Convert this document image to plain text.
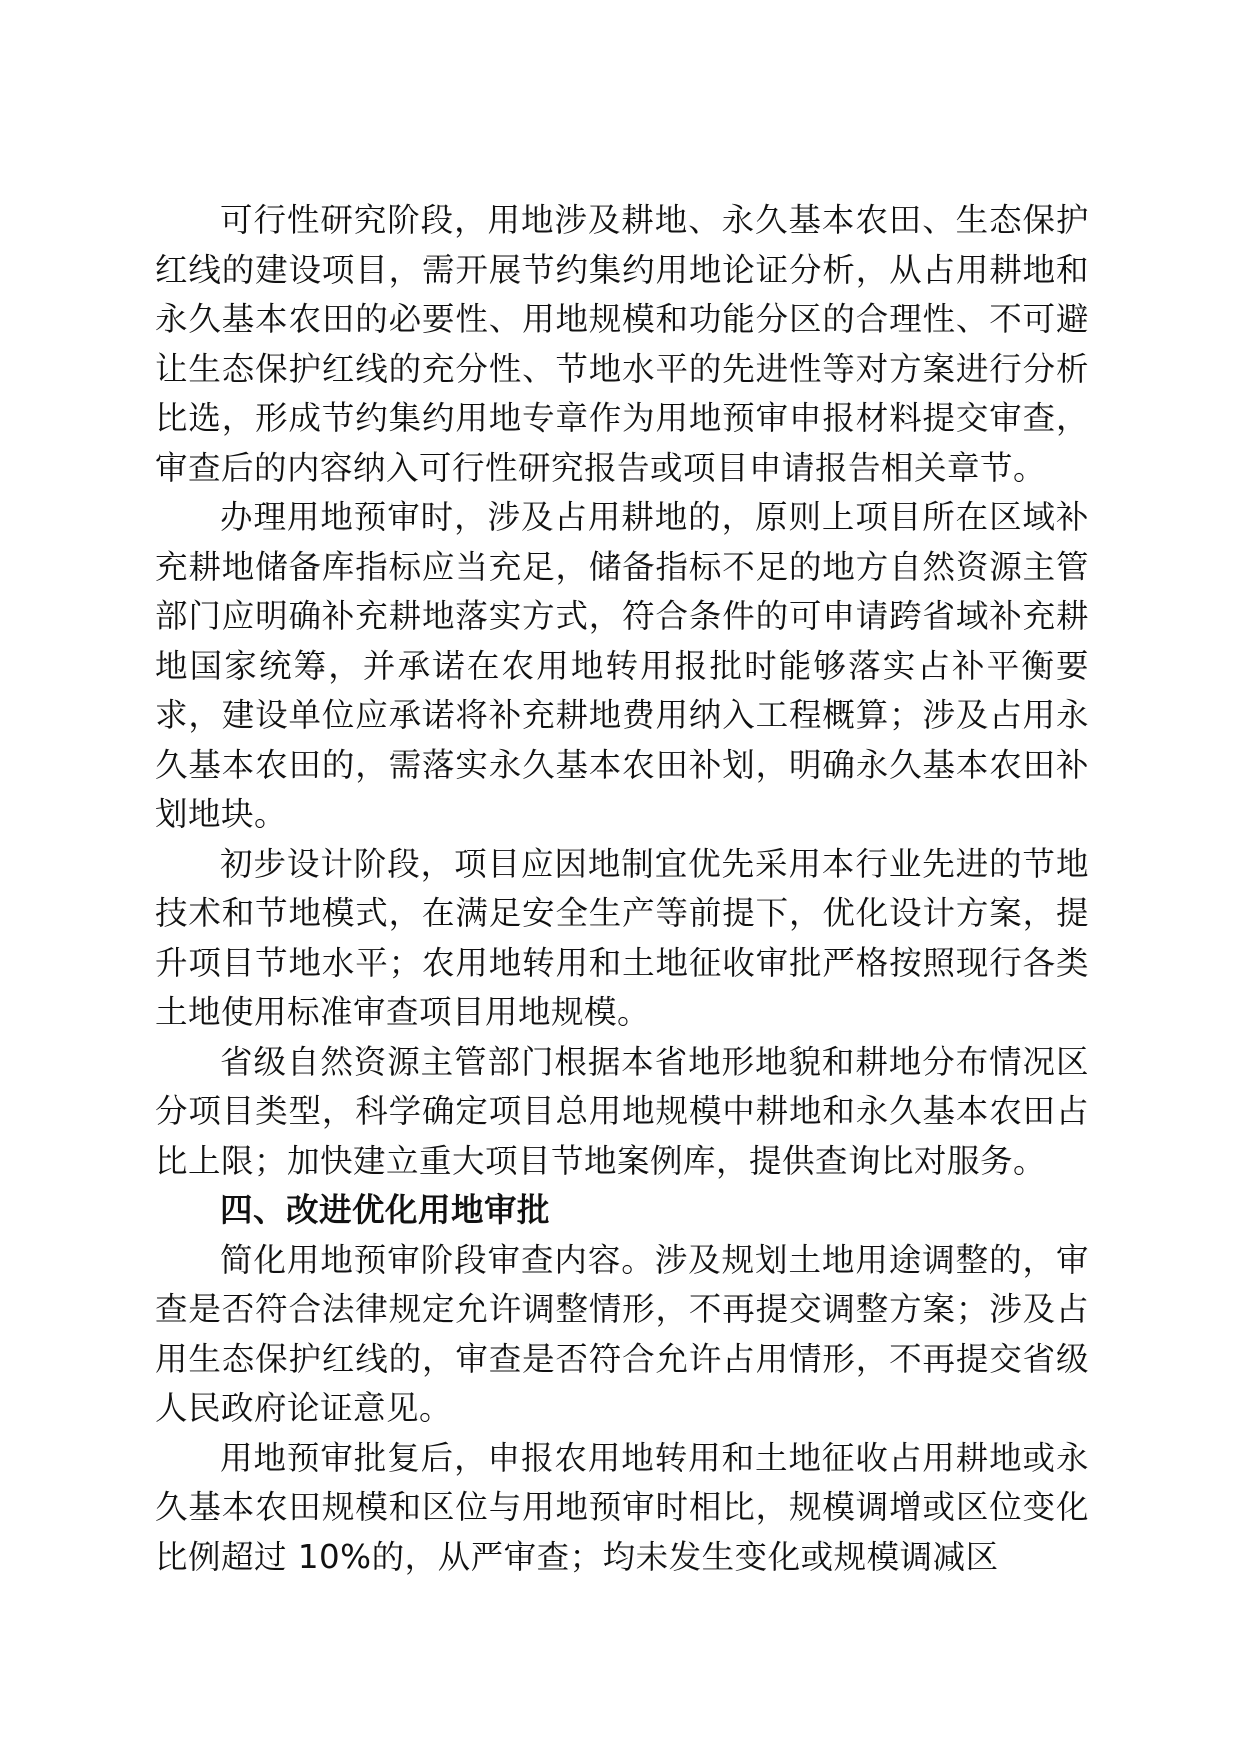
可行性研究阶段，用地涉及耕地、永久基本农田、生态保护红线的建设项目，需开展节约集约用地论证分析，从占用耕地和永久基本农田的必要性、用地规模和功能分区的合理性、不可避让生态保护红线的充分性、节地水平的先进性等对方案进行分析比选，形成节约集约用地专章作为用地预审申报材料提交审查，审查后的内容纳入可行性研究报告或项目申请报告相关章节。

办理用地预审时，涉及占用耕地的，原则上项目所在区域补充耕地储备库指标应当充足，储备指标不足的地方自然资源主管部门应明确补充耕地落实方式，符合条件的可申请跨省域补充耕地国家统筹，并承诺在农用地转用报批时能够落实占补平衡要求，建设单位应承诺将补充耕地费用纳入工程概算；涉及占用永久基本农田的，需落实永久基本农田补划，明确永久基本农田补划地块。

初步设计阶段，项目应因地制宜优先采用本行业先进的节地技术和节地模式，在满足安全生产等前提下，优化设计方案，提升项目节地水平；农用地转用和土地征收审批严格按照现行各类土地使用标准审查项目用地规模。

省级自然资源主管部门根据本省地形地貌和耕地分布情况区分项目类型，科学确定项目总用地规模中耕地和永久基本农田占比上限；加快建立重大项目节地案例库，提供查询比对服务。

四、改进优化用地审批

简化用地预审阶段审查内容。涉及规划土地用途调整的，审查是否符合法律规定允许调整情形，不再提交调整方案；涉及占用生态保护红线的，审查是否符合允许占用情形，不再提交省级人民政府论证意见。

用地预审批复后，申报农用地转用和土地征收占用耕地或永久基本农田规模和区位与用地预审时相比，规模调增或区位变化比例超过 10%的，从严审查；均未发生变化或规模调减区
